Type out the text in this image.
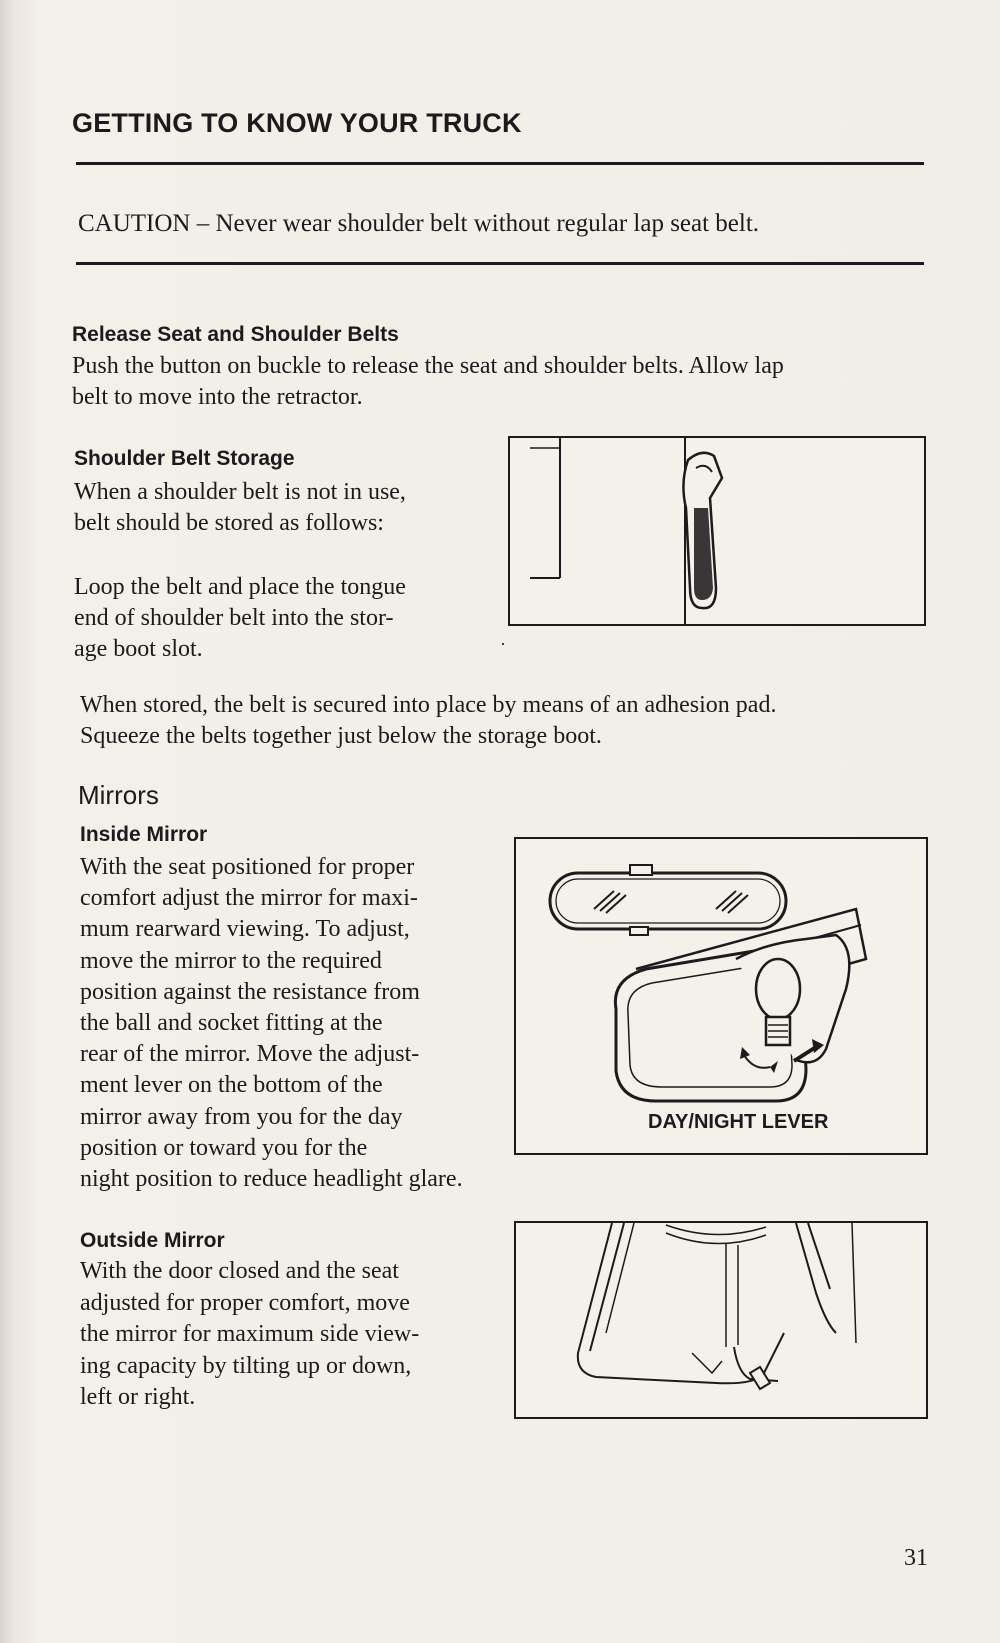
GETTING TO KNOW YOUR TRUCK
CAUTION – Never wear shoulder belt without regular lap seat belt.
Release Seat and Shoulder Belts
Push the button on buckle to release the seat and shoulder belts. Allow lap
belt to move into the retractor.
Shoulder Belt Storage
When a shoulder belt is not in use,
belt should be stored as follows:
Loop the belt and place the tongue
end of shoulder belt into the stor-
age boot slot.	·
When stored, the belt is secured into place by means of an adhesion pad.
Squeeze the belts together just below the storage boot.
Mirrors
Inside Mirror
With the seat positioned for proper
comfort adjust the mirror for maxi-
mum rearward viewing. To adjust,
move the mirror to the required
position against the resistance from
the ball and socket fitting at the
rear of the mirror. Move the adjust-
ment lever on the bottom of the
mirror away from you for the day
position or toward you for the
night position to reduce headlight glare.
DAY/NIGHT LEVER
Outside Mirror
With the door closed and the seat
adjusted for proper comfort, move
the mirror for maximum side view-
ing capacity by tilting up or down,
left or right.
31
